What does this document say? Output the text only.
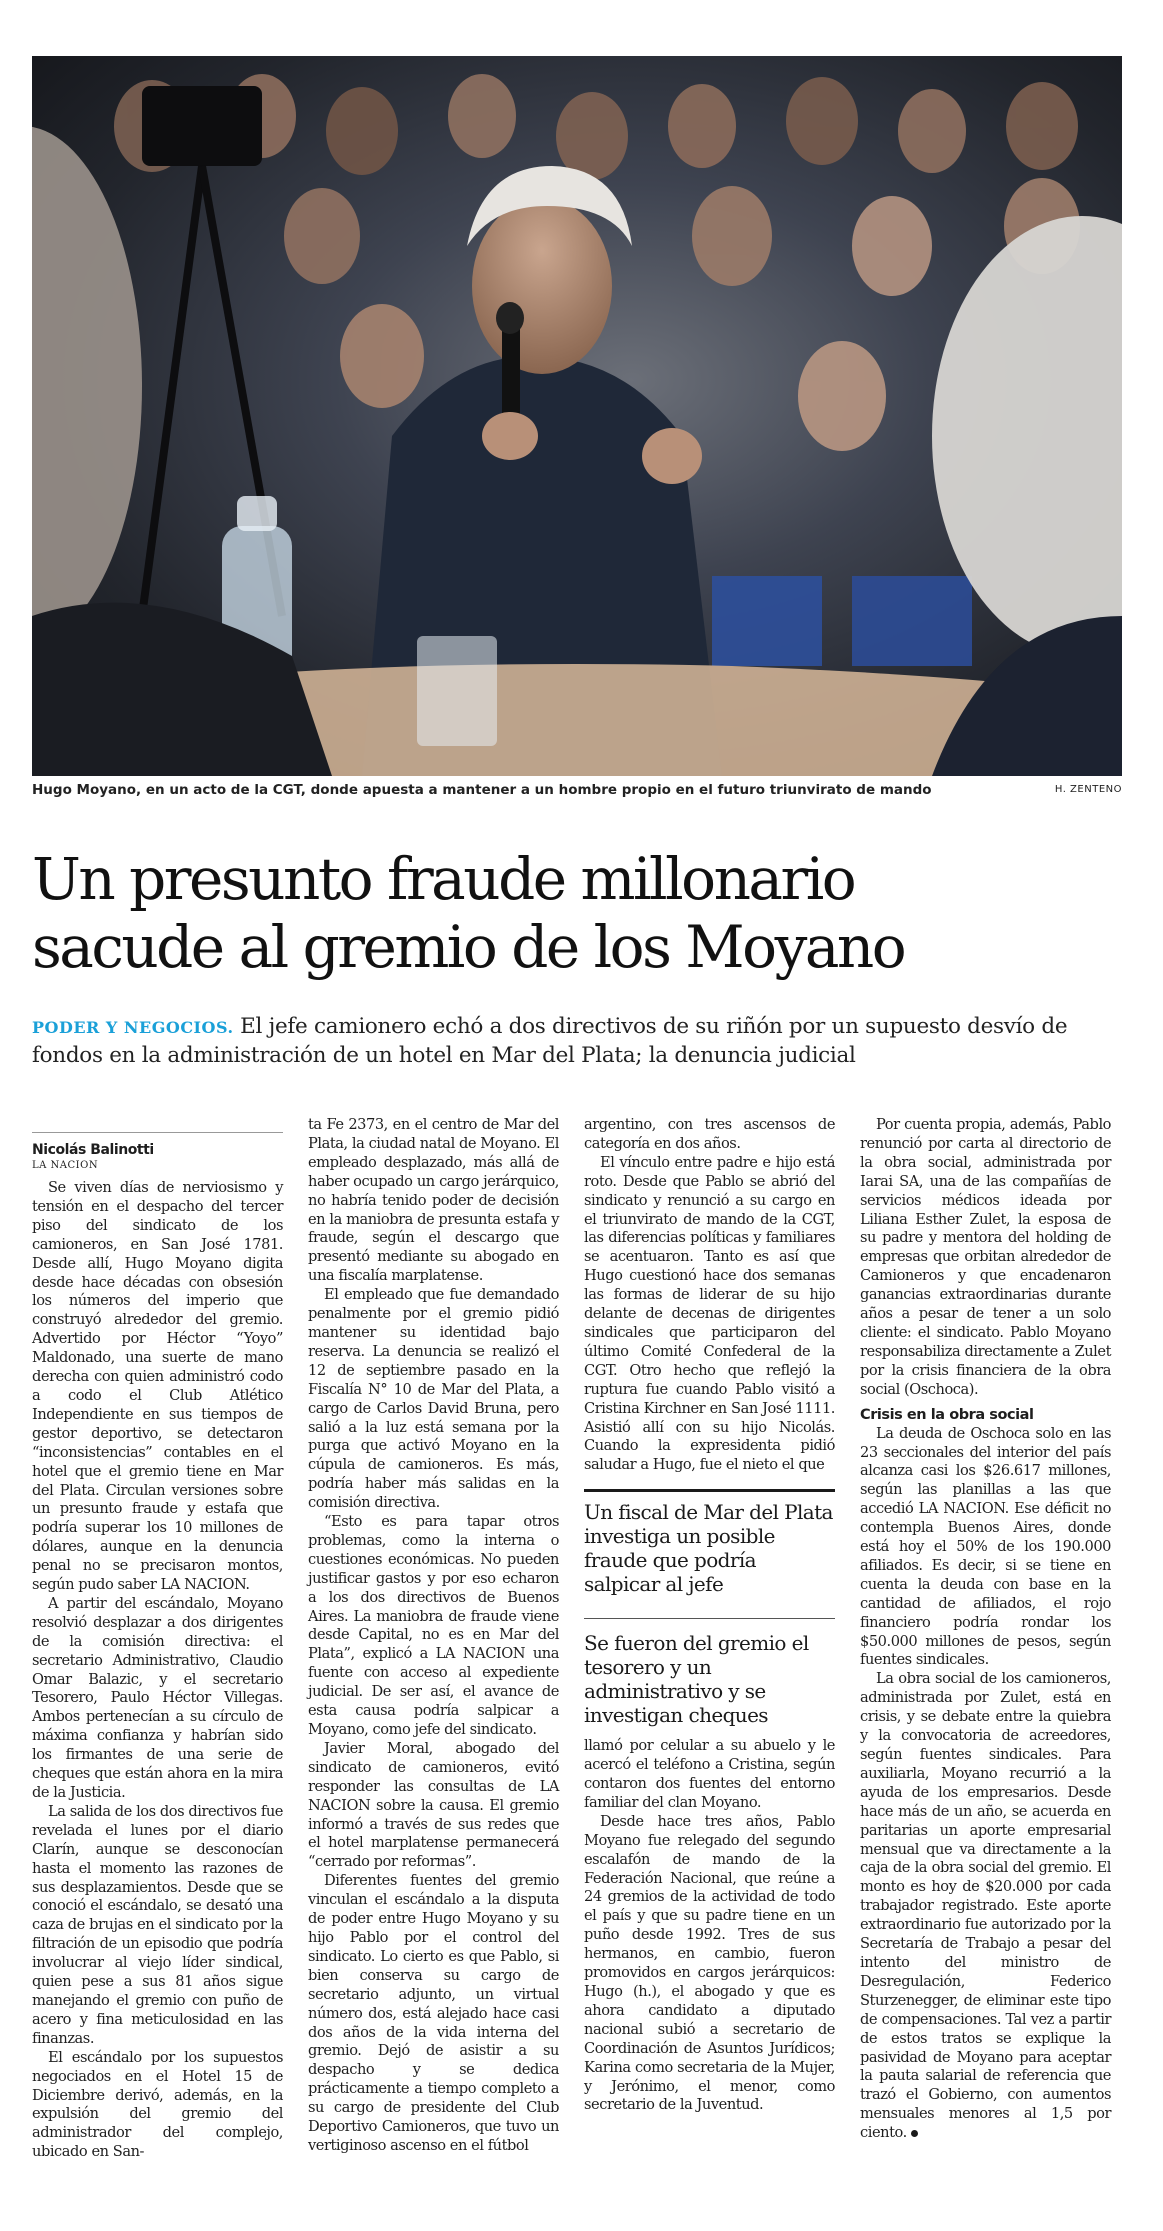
Hugo Moyano, en un acto de la CGT, donde apuesta a mantener a un hombre propio en el futuro triunvirato de mando	H. ZENTENO
Un presunto fraude millonario
sacude al gremio de los Moyano
PODER Y NEGOCIOS. El jefe camionero echó a dos directivos de su riñón por un supuesto desvío de fondos en la administración de un hotel en Mar del Plata; la denuncia judicial
Nicolás Balinotti
LA NACION

Se viven días de nerviosismo y tensión en el despacho del tercer piso del sindicato de los camioneros, en San José 1781. Desde allí, Hugo Moyano digita desde hace décadas con obsesión los números del imperio que construyó alrededor del gremio. Advertido por Héctor “Yoyo” Maldonado, una suerte de mano derecha con quien administró codo a codo el Club Atlético Independiente en sus tiempos de gestor deportivo, se detectaron “inconsistencias” contables en el hotel que el gremio tiene en Mar del Plata. Circulan versiones sobre un presunto fraude y estafa que podría superar los 10 millones de dólares, aunque en la denuncia penal no se precisaron montos, según pudo saber LA NACION.

A partir del escándalo, Moyano resolvió desplazar a dos dirigentes de la comisión directiva: el secretario Administrativo, Claudio Omar Balazic, y el secretario Tesorero, Paulo Héctor Villegas. Ambos pertenecían a su círculo de máxima confianza y habrían sido los firmantes de una serie de cheques que están ahora en la mira de la Justicia.

La salida de los dos directivos fue revelada el lunes por el diario Clarín, aunque se desconocían hasta el momento las razones de sus desplazamientos. Desde que se conoció el escándalo, se desató una caza de brujas en el sindicato por la filtración de un episodio que podría involucrar al viejo líder sindical, quien pese a sus 81 años sigue manejando el gremio con puño de acero y fina meticulosidad en las finanzas.

El escándalo por los supuestos negociados en el Hotel 15 de Diciembre derivó, además, en la expulsión del gremio del administrador del complejo, ubicado en San-

ta Fe 2373, en el centro de Mar del Plata, la ciudad natal de Moyano. El empleado desplazado, más allá de haber ocupado un cargo jerárquico, no habría tenido poder de decisión en la maniobra de presunta estafa y fraude, según el descargo que presentó mediante su abogado en una fiscalía marplatense.

El empleado que fue demandado penalmente por el gremio pidió mantener su identidad bajo reserva. La denuncia se realizó el 12 de septiembre pasado en la Fiscalía N° 10 de Mar del Plata, a cargo de Carlos David Bruna, pero salió a la luz está semana por la purga que activó Moyano en la cúpula de camioneros. Es más, podría haber más salidas en la comisión directiva.

“Esto es para tapar otros problemas, como la interna o cuestiones económicas. No pueden justificar gastos y por eso echaron a los dos directivos de Buenos Aires. La maniobra de fraude viene desde Capital, no es en Mar del Plata”, explicó a LA NACION una fuente con acceso al expediente judicial. De ser así, el avance de esta causa podría salpicar a Moyano, como jefe del sindicato.

Javier Moral, abogado del sindicato de camioneros, evitó responder las consultas de LA NACION sobre la causa. El gremio informó a través de sus redes que el hotel marplatense permanecerá “cerrado por reformas”.

Diferentes fuentes del gremio vinculan el escándalo a la disputa de poder entre Hugo Moyano y su hijo Pablo por el control del sindicato. Lo cierto es que Pablo, si bien conserva su cargo de secretario adjunto, un virtual número dos, está alejado hace casi dos años de la vida interna del gremio. Dejó de asistir a su despacho y se dedica prácticamente a tiempo completo a su cargo de presidente del Club Deportivo Camioneros, que tuvo un vertiginoso ascenso en el fútbol

argentino, con tres ascensos de categoría en dos años.

El vínculo entre padre e hijo está roto. Desde que Pablo se abrió del sindicato y renunció a su cargo en el triunvirato de mando de la CGT, las diferencias políticas y familiares se acentuaron. Tanto es así que Hugo cuestionó hace dos semanas las formas de liderar de su hijo delante de decenas de dirigentes sindicales que participaron del último Comité Confederal de la CGT. Otro hecho que reflejó la ruptura fue cuando Pablo visitó a Cristina Kirchner en San José 1111. Asistió allí con su hijo Nicolás. Cuando la expresidenta pidió saludar a Hugo, fue el nieto el que

Un fiscal de Mar del Plata investiga un posible fraude que podría salpicar al jefe
Se fueron del gremio el tesorero y un administrativo y se investigan cheques

llamó por celular a su abuelo y le acercó el teléfono a Cristina, según contaron dos fuentes del entorno familiar del clan Moyano.

Desde hace tres años, Pablo Moyano fue relegado del segundo escalafón de mando de la Federación Nacional, que reúne a 24 gremios de la actividad de todo el país y que su padre tiene en un puño desde 1992. Tres de sus hermanos, en cambio, fueron promovidos en cargos jerárquicos: Hugo (h.), el abogado y que es ahora candidato a diputado nacional subió a secretario de Coordinación de Asuntos Jurídicos; Karina como secretaria de la Mujer, y Jerónimo, el menor, como secretario de la Juventud.

Por cuenta propia, además, Pablo renunció por carta al directorio de la obra social, administrada por Iarai SA, una de las compañías de servicios médicos ideada por Liliana Esther Zulet, la esposa de su padre y mentora del holding de empresas que orbitan alrededor de Camioneros y que encadenaron ganancias extraordinarias durante años a pesar de tener a un solo cliente: el sindicato. Pablo Moyano responsabiliza directamente a Zulet por la crisis financiera de la obra social (Oschoca).

Crisis en la obra social

La deuda de Oschoca solo en las 23 seccionales del interior del país alcanza casi los $26.617 millones, según las planillas a las que accedió LA NACION. Ese déficit no contempla Buenos Aires, donde está hoy el 50% de los 190.000 afiliados. Es decir, si se tiene en cuenta la deuda con base en la cantidad de afiliados, el rojo financiero podría rondar los $50.000 millones de pesos, según fuentes sindicales.

La obra social de los camioneros, administrada por Zulet, está en crisis, y se debate entre la quiebra y la convocatoria de acreedores, según fuentes sindicales. Para auxiliarla, Moyano recurrió a la ayuda de los empresarios. Desde hace más de un año, se acuerda en paritarias un aporte empresarial mensual que va directamente a la caja de la obra social del gremio. El monto es hoy de $20.000 por cada trabajador registrado. Este aporte extraordinario fue autorizado por la Secretaría de Trabajo a pesar del intento del ministro de Desregulación, Federico Sturzenegger, de eliminar este tipo de compensaciones. Tal vez a partir de estos tratos se explique la pasividad de Moyano para aceptar la pauta salarial de referencia que trazó el Gobierno, con aumentos mensuales menores al 1,5 por ciento.
